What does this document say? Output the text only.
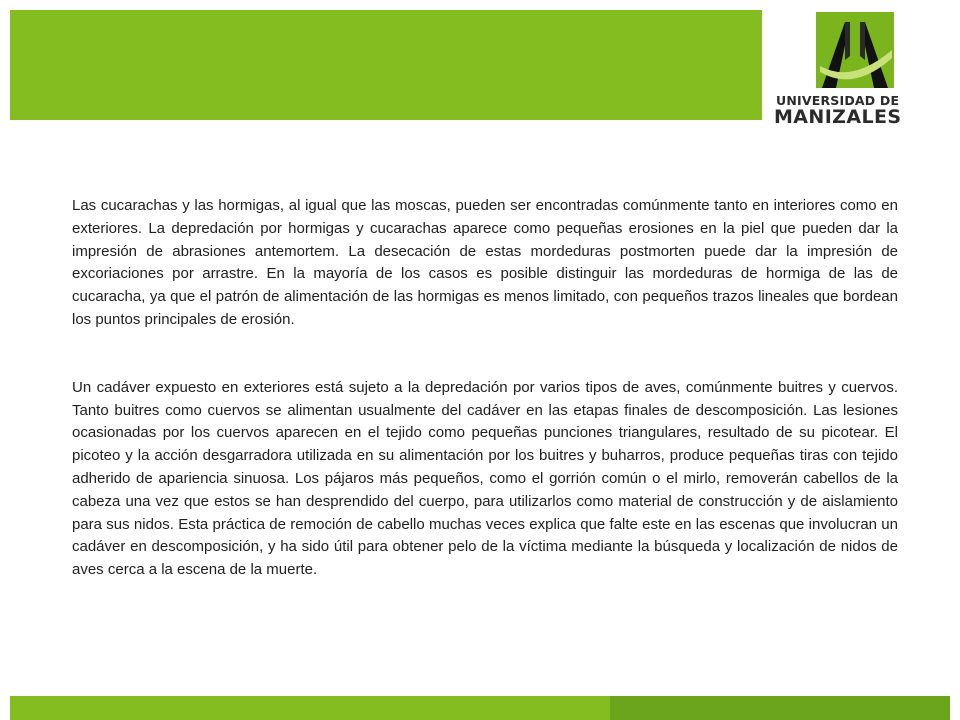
UNIVERSIDAD DE
MANIZALES

Las cucarachas y las hormigas, al igual que las moscas, pueden ser encontradas comúnmente tanto en interiores como en exteriores. La depredación por hormigas y cucarachas aparece como pequeñas erosiones en la piel que pueden dar la impresión de abrasiones antemortem. La desecación de estas mordeduras postmorten puede dar la impresión de excoriaciones por arrastre. En la mayoría de los casos es posible distinguir las mordeduras de hormiga de las de cucaracha, ya que el patrón de alimentación de las hormigas es menos limitado, con pequeños trazos lineales que bordean los puntos principales de erosión.

Un cadáver expuesto en exteriores está sujeto a la depredación por varios tipos de aves, comúnmente buitres y cuervos. Tanto buitres como cuervos se alimentan usualmente del cadáver en las etapas finales de descomposición. Las lesiones ocasionadas por los cuervos aparecen en el tejido como pequeñas punciones triangulares, resultado de su picotear. El picoteo y la acción desgarradora utilizada en su alimentación por los buitres y buharros, produce pequeñas tiras con tejido adherido de apariencia sinuosa. Los pájaros más pequeños, como el gorrión común o el mirlo, removerán cabellos de la cabeza una vez que estos se han desprendido del cuerpo, para utilizarlos como material de construcción y de aislamiento para sus nidos. Esta práctica de remoción de cabello muchas veces explica que falte este en las escenas que involucran un cadáver en descomposición, y ha sido útil para obtener pelo de la víctima mediante la búsqueda y localización de nidos de aves cerca a la escena de la muerte.
